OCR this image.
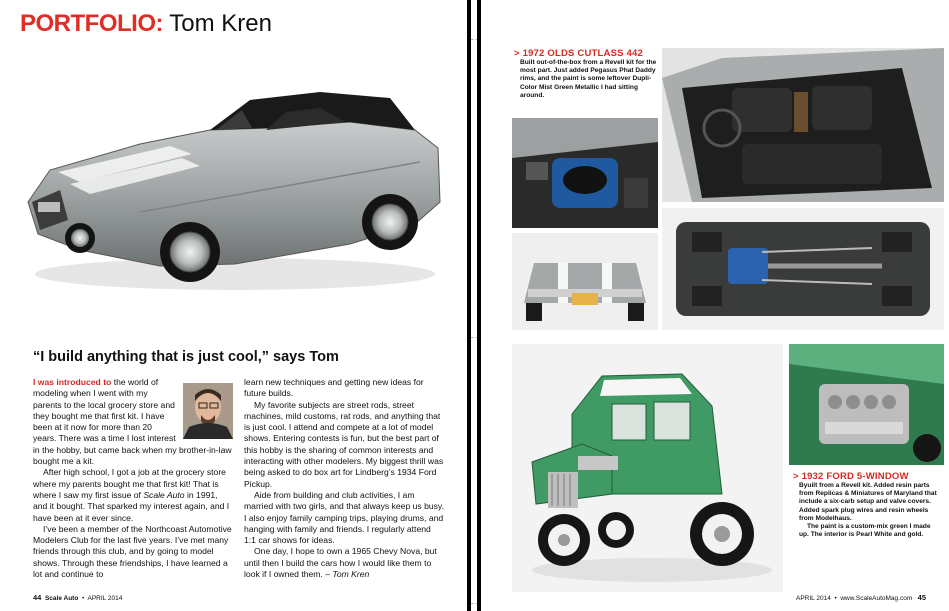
PORTFOLIO: Tom Kren
“I build anything that is just cool,” says Tom

I was introduced to the world of modeling when I went with my parents to the local grocery store and they bought me that first kit. I have been at it now for more than 20 years. There was a time I lost interest in the hobby, but came back when my brother-in-law bought me a kit.

After high school, I got a job at the grocery store where my parents bought me that first kit! That is where I saw my first issue of Scale Auto in 1991, and it bought. That sparked my interest again, and I have been at it ever since.

I’ve been a member of the Northcoast Automotive Modelers Club for the last five years. I’ve met many friends through this club, and by going to model shows. Through these friendships, I have learned a lot and continue to

learn new techniques and getting new ideas for future builds.

My favorite subjects are street rods, street machines, mild customs, rat rods, and anything that is just cool. I attend and compete at a lot of model shows. Entering contests is fun, but the best part of this hobby is the sharing of common interests and interacting with other modelers. My biggest thrill was being asked to do box art for Lindberg’s 1934 Ford Pickup.

Aide from building and club activities, I am married with two girls, and that always keep us busy. I also enjoy family camping trips, playing drums, and hanging with family and friends. I regularly attend 1:1 car shows for ideas.

One day, I hope to own a 1965 Chevy Nova, but until then I build the cars how I would like them to look if I owned them. – Tom Kren

44 Scale Auto • APRIL 2014
> 1972 OLDS CUTLASS 442
Built out-of-the-box from a Revell kit for the most part. Just added Pegasus Phat Daddy rims, and the paint is some leftover Dupli-Color Mist Green Metallic I had sitting around.
> 1932 FORD 5-WINDOW
Byuilt from a Revell kit. Added resin parts from Replicas & Miniatures of Maryland that include a six-carb setup and valve covers. Added spark plug wires and resin wheels from Modelhaus.
The paint is a custom-mix green I made up. The interior is Pearl White and gold.
APRIL 2014 • www.ScaleAutoMag.com 45
